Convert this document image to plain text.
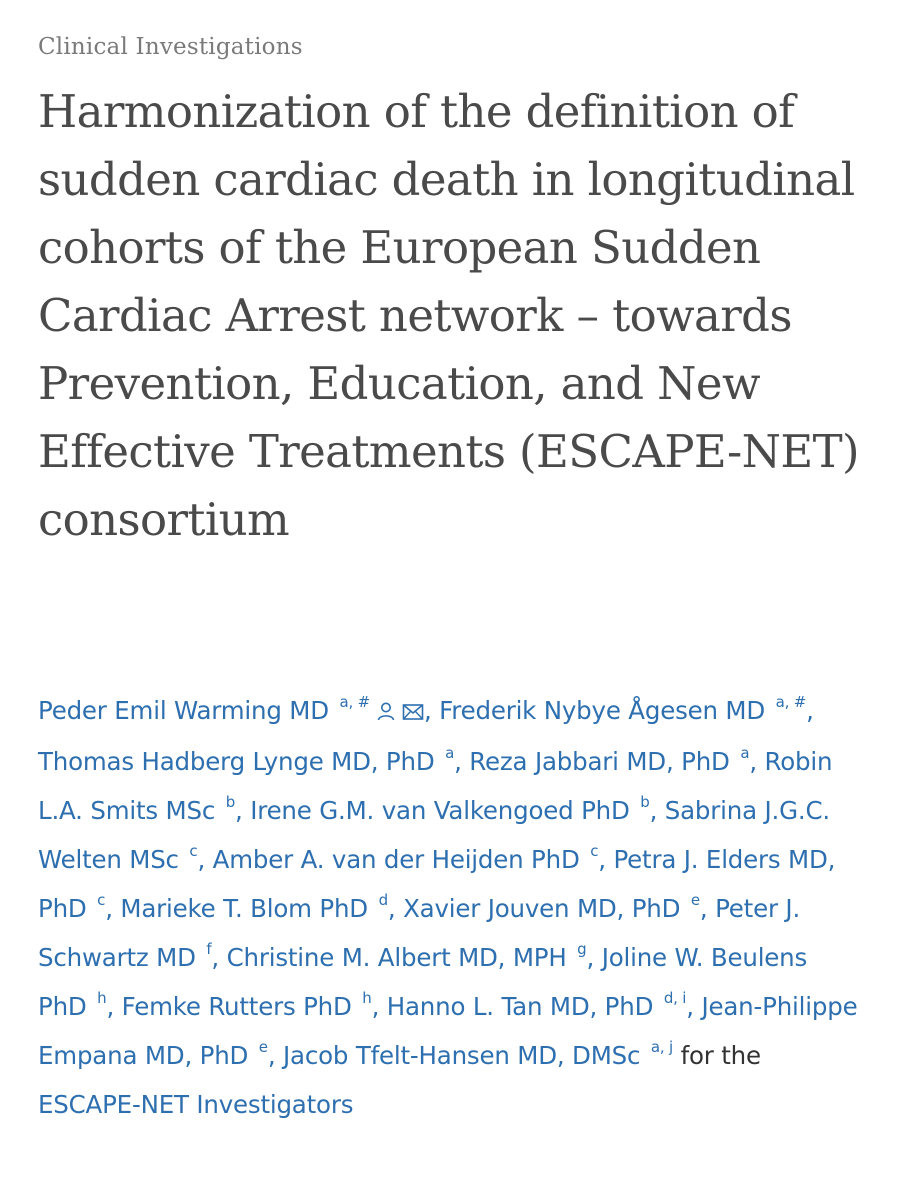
Clinical Investigations
Harmonization of the definition of sudden cardiac death in longitudinal cohorts of the European Sudden Cardiac Arrest network – towards Prevention, Education, and New Effective Treatments (ESCAPE-NET) consortium
Peder Emil Warming MD $^{a, \#}$ , Frederik Nybye Ågesen MD $^{a, \#}$, Thomas Hadberg Lynge MD, PhD $^a$, Reza Jabbari MD, PhD $^a$, Robin L.A. Smits MSc $^b$, Irene G.M. van Valkengoed PhD $^b$, Sabrina J.G.C. Welten MSc $^c$, Amber A. van der Heijden PhD $^c$, Petra J. Elders MD, PhD $^c$, Marieke T. Blom PhD $^d$, Xavier Jouven MD, PhD $^e$, Peter J. Schwartz MD $^f$, Christine M. Albert MD, MPH $^g$, Joline W. Beulens PhD $^h$, Femke Rutters PhD $^h$, Hanno L. Tan MD, PhD $^{d, i}$, Jean-Philippe Empana MD, PhD $^e$, Jacob Tfelt-Hansen MD, DMSc $^{a, j}$ for the ESCAPE-NET Investigators
